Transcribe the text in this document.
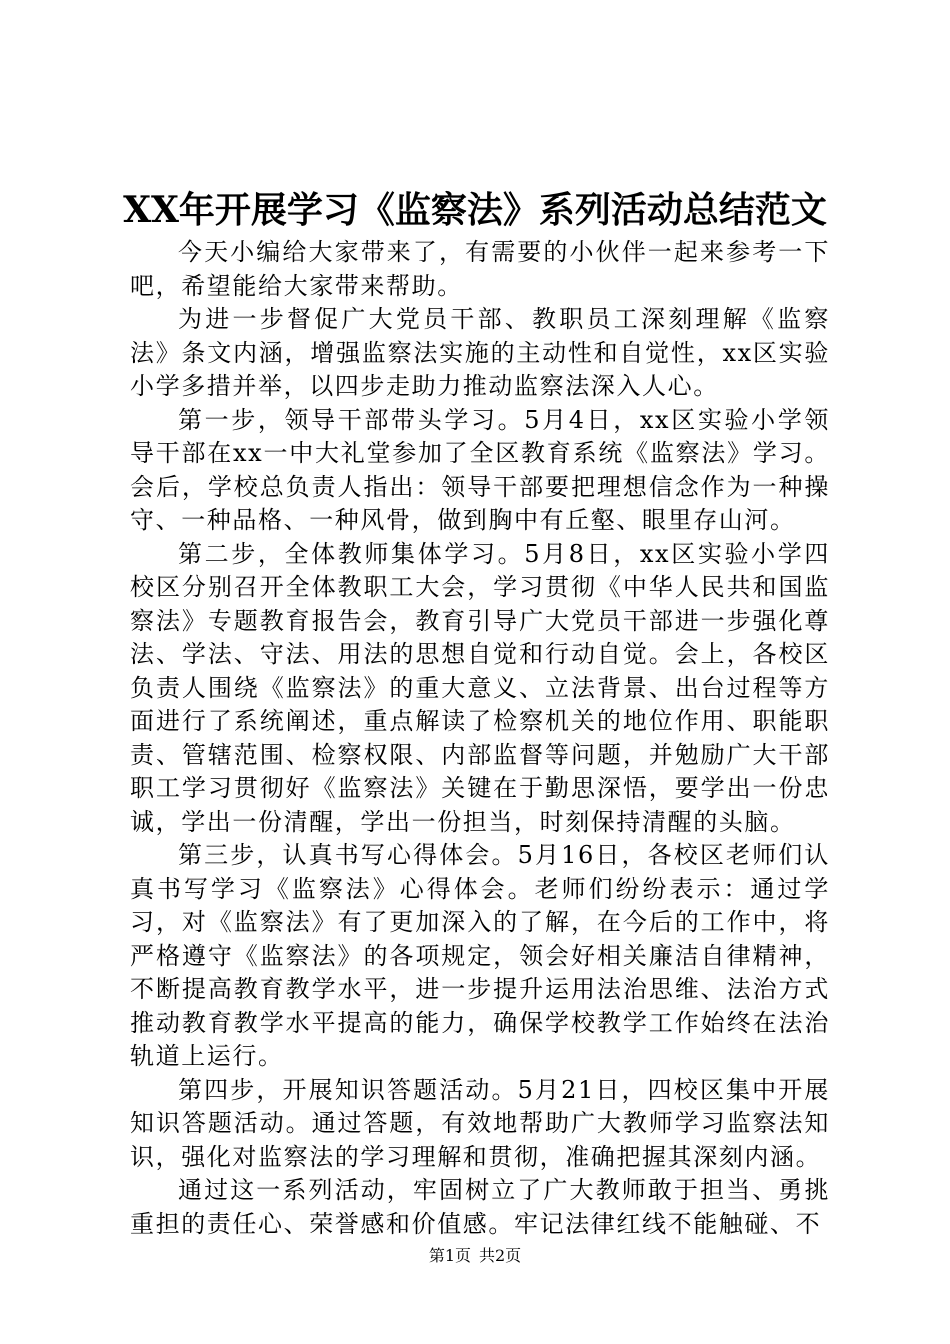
XX年开展学习《监察法》系列活动总结范文

今天小编给大家带来了，有需要的小伙伴一起来参考一下吧，希望能给大家带来帮助。

为进一步督促广大党员干部、教职员工深刻理解《监察法》条文内涵，增强监察法实施的主动性和自觉性，xx区实验小学多措并举，以四步走助力推动监察法深入人心。

第一步，领导干部带头学习。5月4日，xx区实验小学领导干部在xx一中大礼堂参加了全区教育系统《监察法》学习。会后，学校总负责人指出：领导干部要把理想信念作为一种操守、一种品格、一种风骨，做到胸中有丘壑、眼里存山河。

第二步，全体教师集体学习。5月8日，xx区实验小学四校区分别召开全体教职工大会，学习贯彻《中华人民共和国监察法》专题教育报告会，教育引导广大党员干部进一步强化尊法、学法、守法、用法的思想自觉和行动自觉。会上，各校区负责人围绕《监察法》的重大意义、立法背景、出台过程等方面进行了系统阐述，重点解读了检察机关的地位作用、职能职责、管辖范围、检察权限、内部监督等问题，并勉励广大干部职工学习贯彻好《监察法》关键在于勤思深悟，要学出一份忠诚，学出一份清醒，学出一份担当，时刻保持清醒的头脑。

第三步，认真书写心得体会。5月16日，各校区老师们认真书写学习《监察法》心得体会。老师们纷纷表示：通过学习，对《监察法》有了更加深入的了解，在今后的工作中，将严格遵守《监察法》的各项规定，领会好相关廉洁自律精神，不断提高教育教学水平，进一步提升运用法治思维、法治方式推动教育教学水平提高的能力，确保学校教学工作始终在法治轨道上运行。

第四步，开展知识答题活动。5月21日，四校区集中开展知识答题活动。通过答题，有效地帮助广大教师学习监察法知识，强化对监察法的学习理解和贯彻，准确把握其深刻内涵。

通过这一系列活动，牢固树立了广大教师敢于担当、勇挑重担的责任心、荣誉感和价值感。牢记法律红线不能触碰、不

第1页 共2页
